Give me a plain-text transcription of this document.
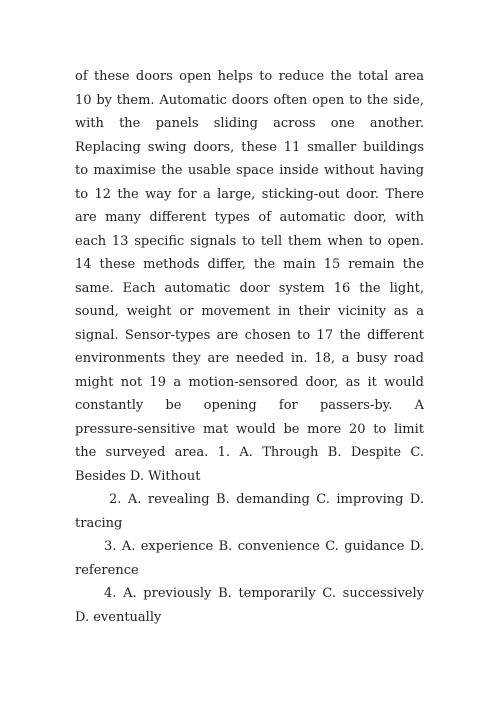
of these doors open helps to reduce the total area

10 by them. Automatic doors often open to the side,

with the panels sliding across one another.

Replacing swing doors, these 11 smaller buildings

to maximise the usable space inside without having

to 12 the way for a large, sticking-out door. There

are many different types of automatic door, with

each 13 specific signals to tell them when to open.

14 these methods differ, the main 15 remain the

same. Each automatic door system 16 the light,

sound, weight or movement in their vicinity as a

signal. Sensor-types are chosen to 17 the different

environments they are needed in. 18, a busy road

might not 19 a motion-sensored door, as it would

constantly be opening for passers-by. A

pressure-sensitive mat would be more 20 to limit

the surveyed area. 1. A. Through B. Despite C.

Besides D. Without

2. A. revealing B. demanding C. improving D.

tracing

3. A. experience B. convenience C. guidance D.

reference

4. A. previously B. temporarily C. successively

D. eventually
